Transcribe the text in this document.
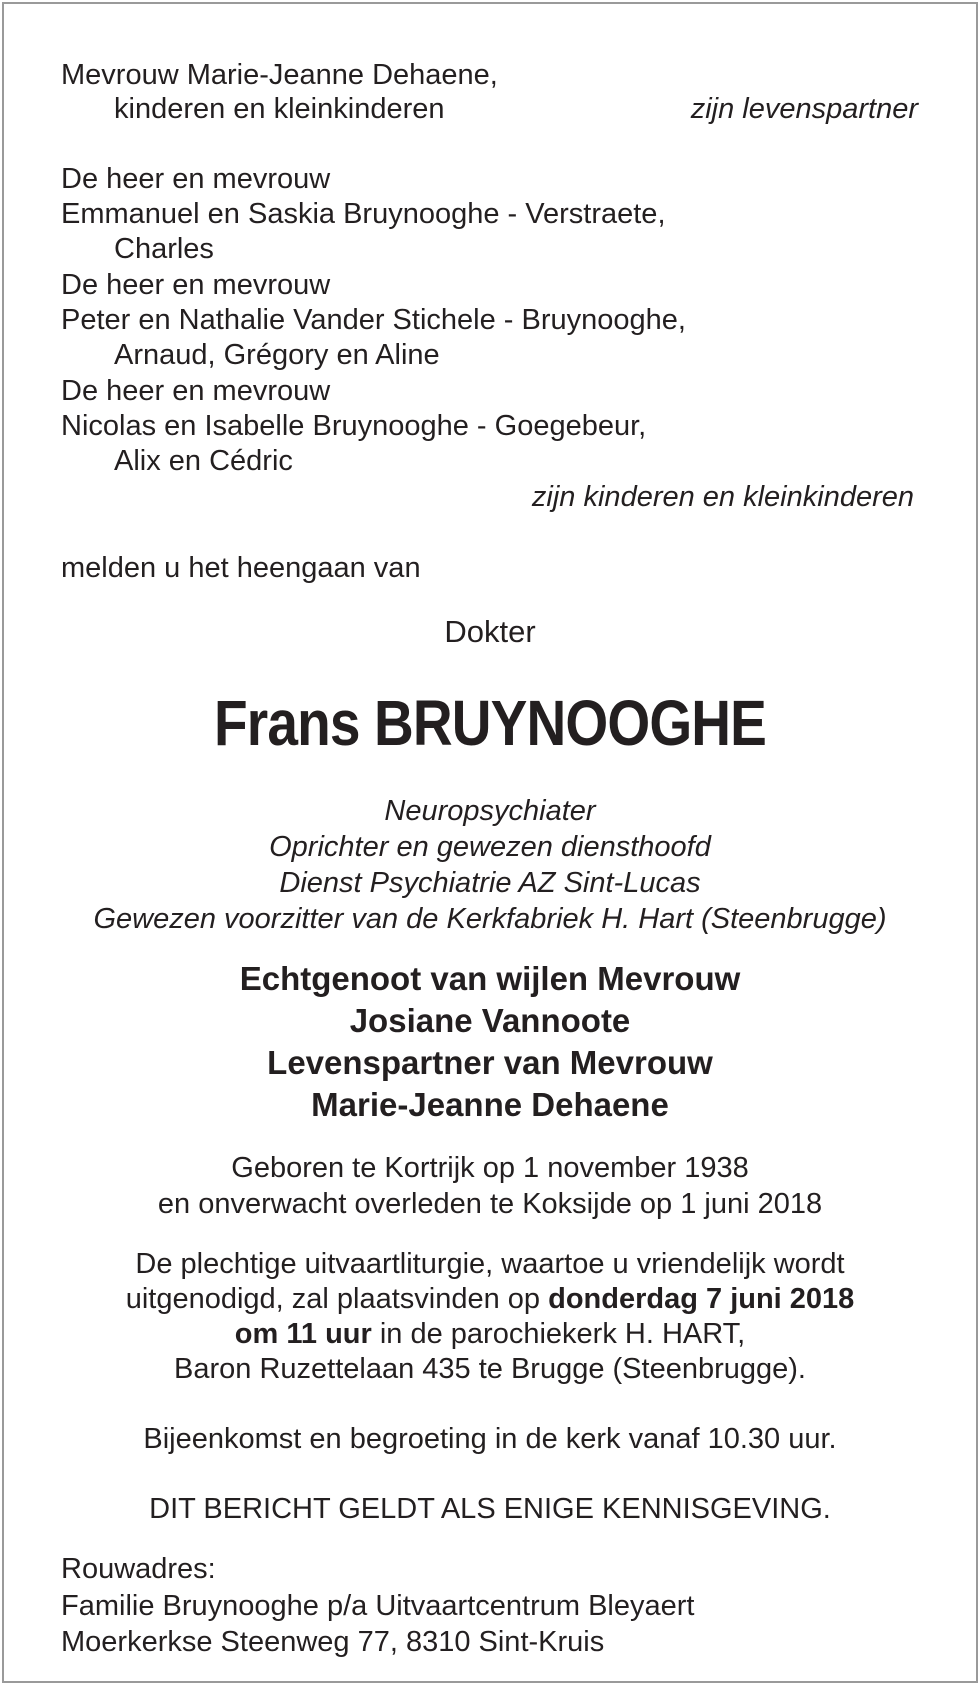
Mevrouw Marie-Jeanne Dehaene,
kinderen en kleinkinderen	zijn levenspartner
De heer en mevrouw
Emmanuel en Saskia Bruynooghe - Verstraete,
Charles
De heer en mevrouw
Peter en Nathalie Vander Stichele - Bruynooghe,
Arnaud, Grégory en Aline
De heer en mevrouw
Nicolas en Isabelle Bruynooghe - Goegebeur,
Alix en Cédric
zijn kinderen en kleinkinderen
melden u het heengaan van
Dokter
Frans BRUYNOOGHE
Neuropsychiater
Oprichter en gewezen diensthoofd
Dienst Psychiatrie AZ Sint-Lucas
Gewezen voorzitter van de Kerkfabriek H. Hart (Steenbrugge)
Echtgenoot van wijlen Mevrouw
Josiane Vannoote
Levenspartner van Mevrouw
Marie-Jeanne Dehaene
Geboren te Kortrijk op 1 november 1938
en onverwacht overleden te Koksijde op 1 juni 2018
De plechtige uitvaartliturgie, waartoe u vriendelijk wordt
uitgenodigd, zal plaatsvinden op donderdag 7 juni 2018
om 11 uur in de parochiekerk H. HART,
Baron Ruzettelaan 435 te Brugge (Steenbrugge).
Bijeenkomst en begroeting in de kerk vanaf 10.30 uur.
DIT BERICHT GELDT ALS ENIGE KENNISGEVING.
Rouwadres:
Familie Bruynooghe p/a Uitvaartcentrum Bleyaert
Moerkerkse Steenweg 77, 8310 Sint-Kruis
